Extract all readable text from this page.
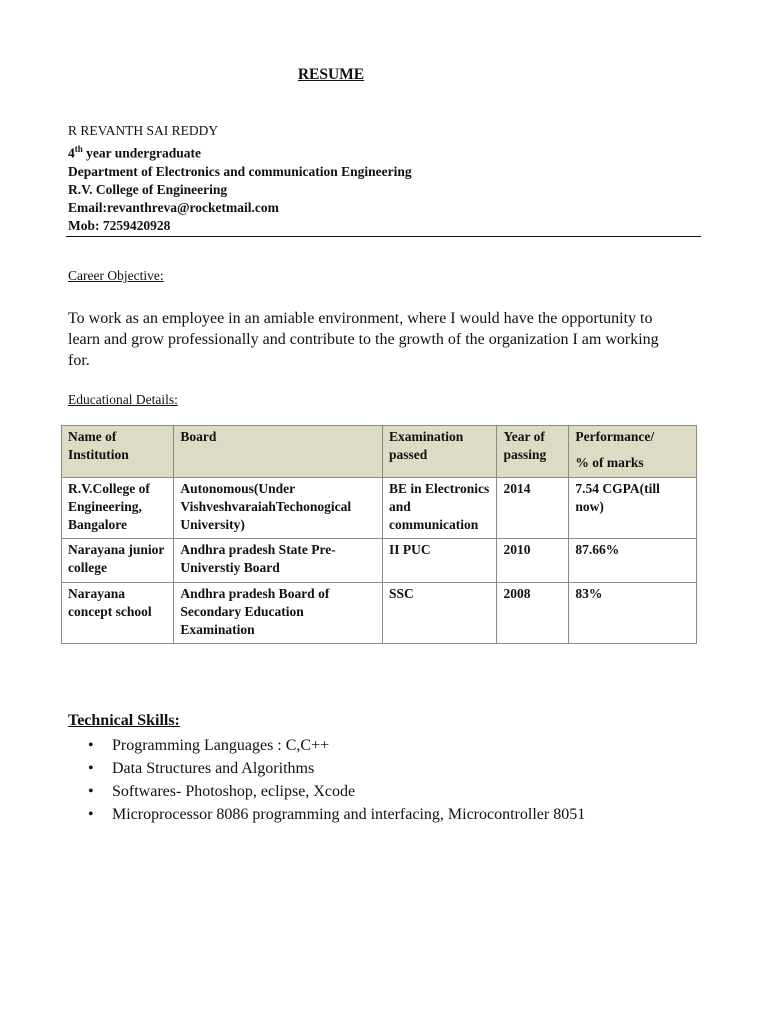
RESUME
R REVANTH SAI REDDY
4th year undergraduate
Department of Electronics and communication Engineering
R.V. College of Engineering
Email:revanthreva@rocketmail.com
Mob: 7259420928
Career Objective:
To work as an employee in an amiable environment, where I would have the opportunity to learn and grow professionally and contribute to the growth of the organization I am working for.
Educational Details:
Name of Institution	Board	Examination passed	Year of passing	Performance/
% of marks

R.V.College of Engineering, Bangalore	Autonomous(Under VishveshvaraiahTechonogical University)	BE in Electronics and communication	2014	7.54 CGPA(till now)
Narayana junior college	Andhra pradesh State Pre-Universtiy Board	II PUC	2010	87.66%
Narayana concept school	Andhra pradesh Board of Secondary Education Examination	SSC	2008	83%
Technical Skills:
• Programming Languages : C,C++
• Data Structures and Algorithms
• Softwares- Photoshop, eclipse, Xcode
• Microprocessor 8086 programming and interfacing, Microcontroller 8051
